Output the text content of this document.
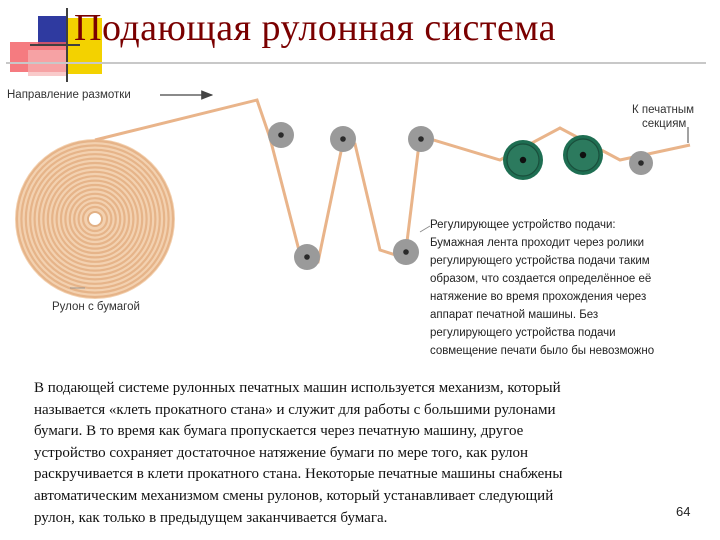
Подающая рулонная система
Направление размотки
Рулон с бумагой
К печатным
секциям
Регулирующее устройство подачи:
Бумажная лента проходит через ролики
регулирующего устройства подачи таким
образом, что создается определённое её
натяжение во время прохождения через
аппарат печатной машины. Без
регулирующего устройства подачи
совмещение печати было бы невозможно

В подающей системе рулонных печатных машин используется механизм, который
называется «клеть прокатного стана» и служит для работы с большими рулонами
бумаги. В то время как бумага пропускается через печатную машину, другое
устройство сохраняет достаточное натяжение бумаги по мере того, как рулон
раскручивается в клети прокатного стана. Некоторые печатные машины снабжены
автоматическим механизмом смены рулонов, который устанавливает следующий
рулон, как только в предыдущем заканчивается бумага.	64
